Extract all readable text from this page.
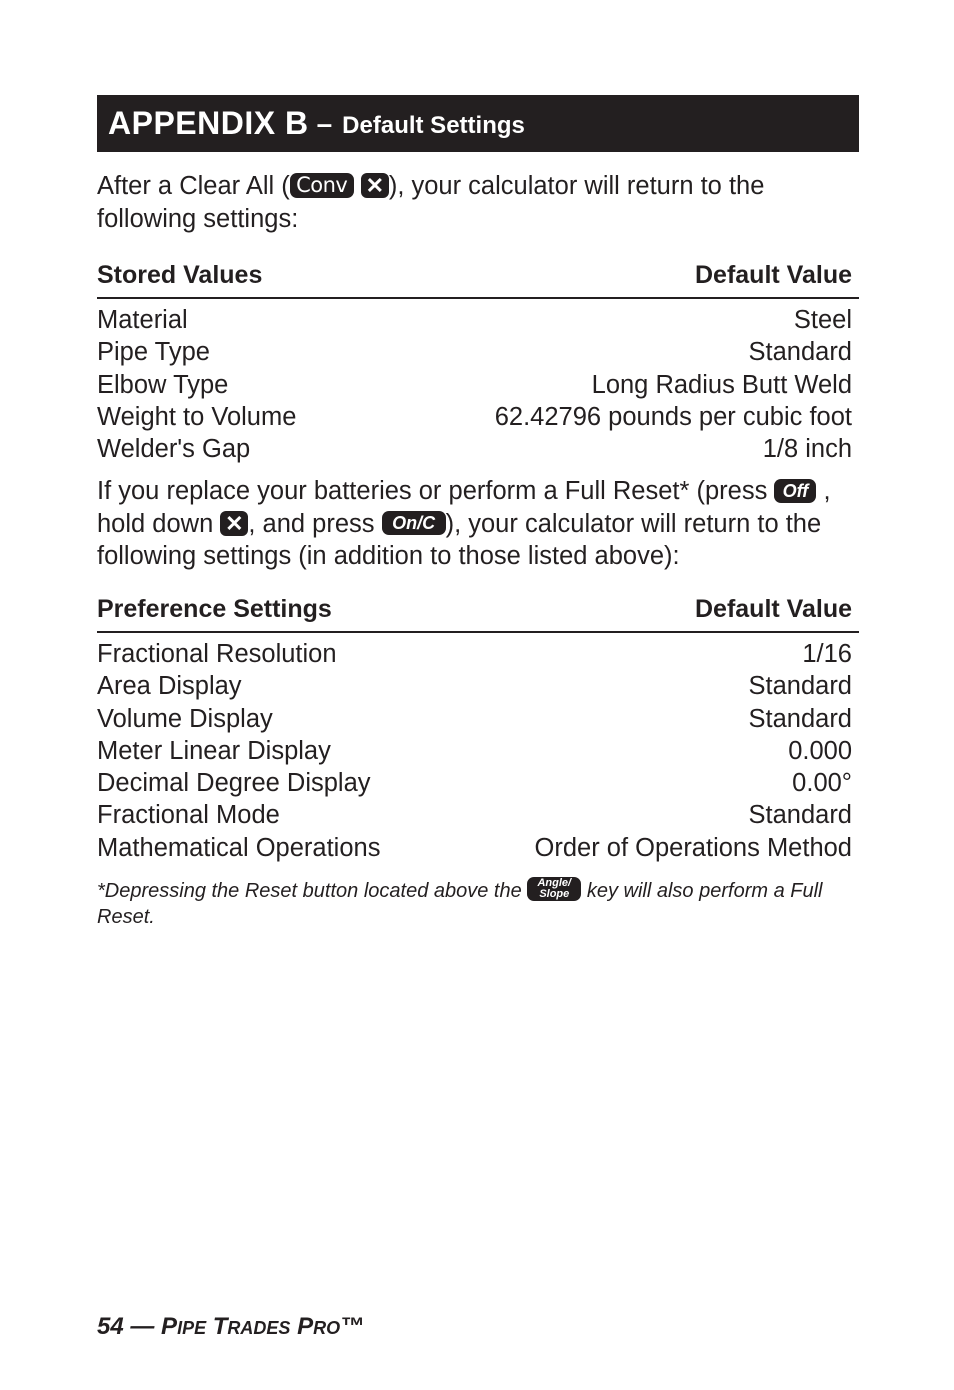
APPENDIX B – Default Settings

After a Clear All ( Conv ✕ ), your calculator will return to the following settings:

Stored Values	Default Value
Material	Steel
Pipe Type	Standard
Elbow Type	Long Radius Butt Weld
Weight to Volume	62.42796 pounds per cubic foot
Welder's Gap	1/8 inch

If you replace your batteries or perform a Full Reset* (press Off , hold down ✕ , and press On/C ), your calculator will return to the following settings (in addition to those listed above):

Preference Settings	Default Value
Fractional Resolution	1/16
Area Display	Standard
Volume Display	Standard
Meter Linear Display	0.000
Decimal Degree Display	0.00°
Fractional Mode	Standard
Mathematical Operations	Order of Operations Method

*Depressing the Reset button located above the Angle/
Slope key will also perform a Full Reset.

54 — PIPE TRADES PRO™
